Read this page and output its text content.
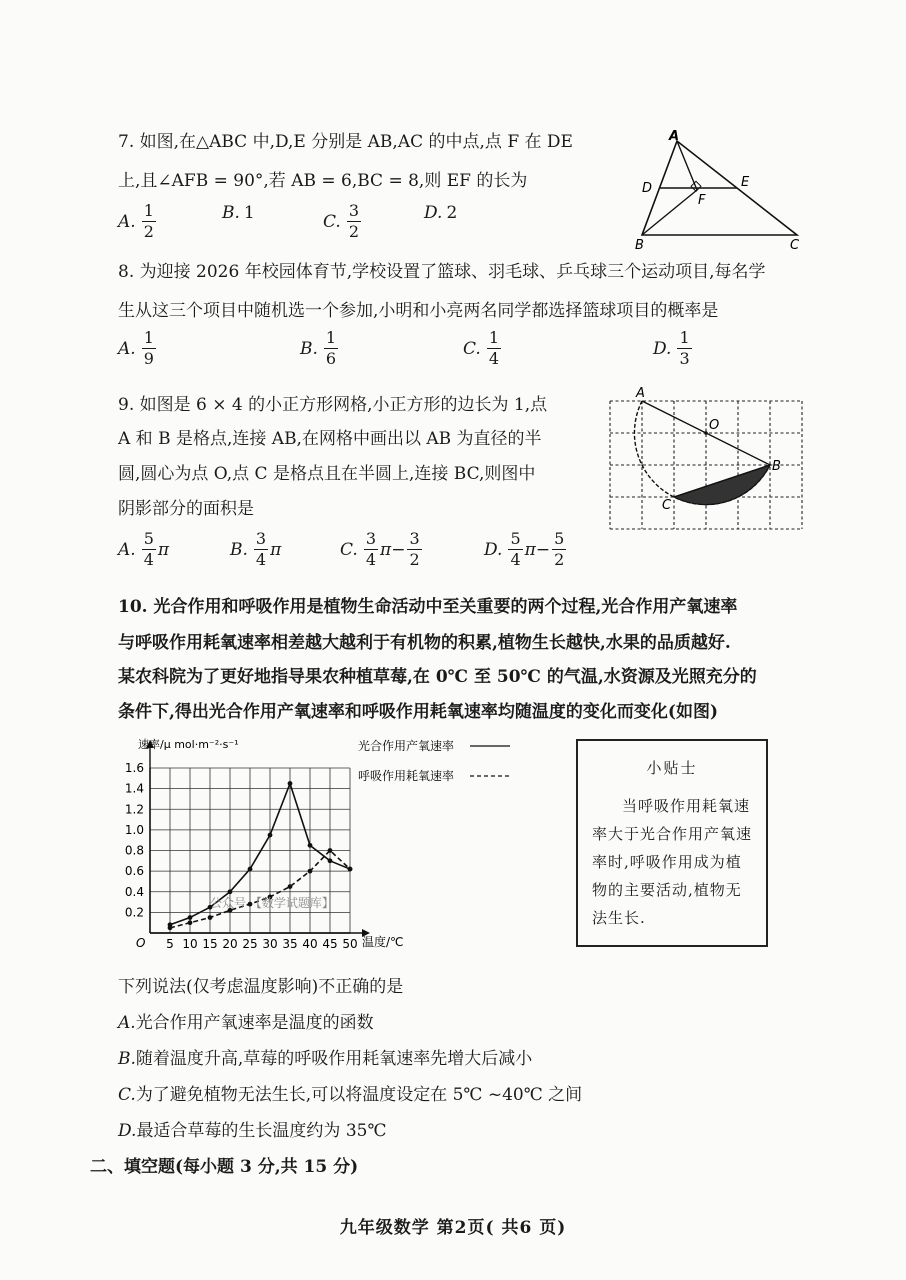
7. 如图,在△ABC 中,D,E 分别是 AB,AC 的中点,点 F 在 DE
上,且∠AFB = 90°,若 AB = 6,BC = 8,则 EF 的长为
A. $\frac{1}{2}$	B. 1	C. $\frac{3}{2}$	D. 2
A
D	E
F
B	C
8. 为迎接 2026 年校园体育节,学校设置了篮球、羽毛球、乒乓球三个运动项目,每名学
生从这三个项目中随机选一个参加,小明和小亮两名同学都选择篮球项目的概率是
A. $\frac{1}{9}$	B. $\frac{1}{6}$	C. $\frac{1}{4}$	D. $\frac{1}{3}$
9. 如图是 6 × 4 的小正方形网格,小正方形的边长为 1,点
A 和 B 是格点,连接 AB,在网格中画出以 AB 为直径的半
圆,圆心为点 O,点 C 是格点且在半圆上,连接 BC,则图中
阴影部分的面积是
A. $\frac{5}{4}$ π	B. $\frac{3}{4}$ π	C. $\frac{3}{4}$ $\pi - \frac{3}{2}$	D. $\frac{5}{4}$ $\pi - \frac{5}{2}$
A
O
B
C
10. 光合作用和呼吸作用是植物生命活动中至关重要的两个过程,光合作用产氧速率
与呼吸作用耗氧速率相差越大越利于有机物的积累,植物生长越快,水果的品质越好.
某农科院为了更好地指导果农种植草莓,在 0℃ 至 50℃ 的气温,水资源及光照充分的
条件下,得出光合作用产氧速率和呼吸作用耗氧速率均随温度的变化而变化(如图)
5 10 15 20 25 30 35 40 45 50
0.2
0.4
0.6
0.8
1.0
1.2
1.4
1.6
O
速率/μ mol·m⁻²·s⁻¹
温度/℃
光合作用产氧速率
呼吸作用耗氧速率
公众号 【数学试题库】
小贴士
当呼吸作用耗氧速率大于光合作用产氧速率时,呼吸作用成为植物的主要活动,植物无法生长.
下列说法(仅考虑温度影响)不正确的是
A.光合作用产氧速率是温度的函数
B.随着温度升高,草莓的呼吸作用耗氧速率先增大后减小
C.为了避免植物无法生长,可以将温度设定在 5℃ ~40℃ 之间
D.最适合草莓的生长温度约为 35℃
二、填空题(每小题 3 分,共 15 分)
九年级数学 第2页( 共6 页)
